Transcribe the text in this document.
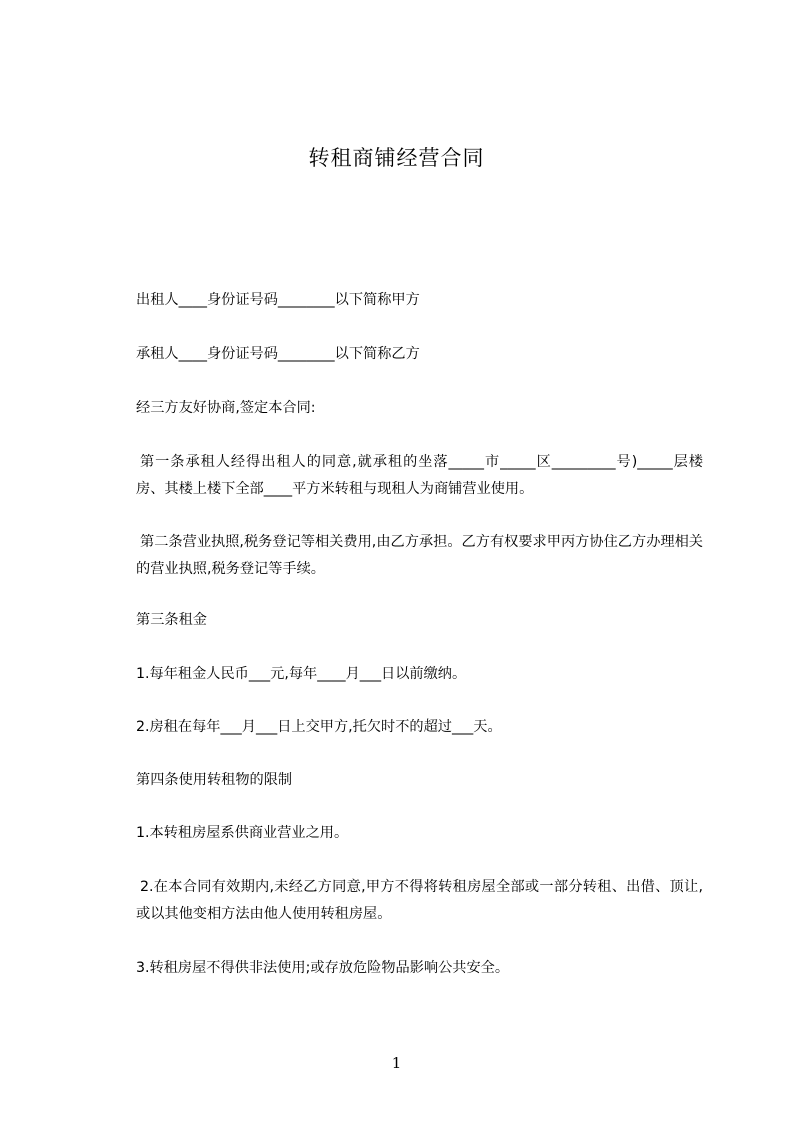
转租商铺经营合同
出租人____身份证号码________以下简称甲方
承租人____身份证号码________以下简称乙方
经三方友好协商,签定本合同:
第一条承租人经得出租人的同意,就承租的坐落_____市_____区_________号)_____层楼房、其楼上楼下全部____平方米转租与现租人为商铺营业使用。
第二条营业执照,税务登记等相关费用,由乙方承担。乙方有权要求甲丙方协住乙方办理相关的营业执照,税务登记等手续。
第三条租金
1.每年租金人民币___元,每年____月___日以前缴纳。
2.房租在每年___月___日上交甲方,托欠时不的超过___天。
第四条使用转租物的限制
1.本转租房屋系供商业营业之用。
2.在本合同有效期内,未经乙方同意,甲方不得将转租房屋全部或一部分转租、出借、顶让,或以其他变相方法由他人使用转租房屋。
3.转租房屋不得供非法使用;或存放危险物品影响公共安全。
1
